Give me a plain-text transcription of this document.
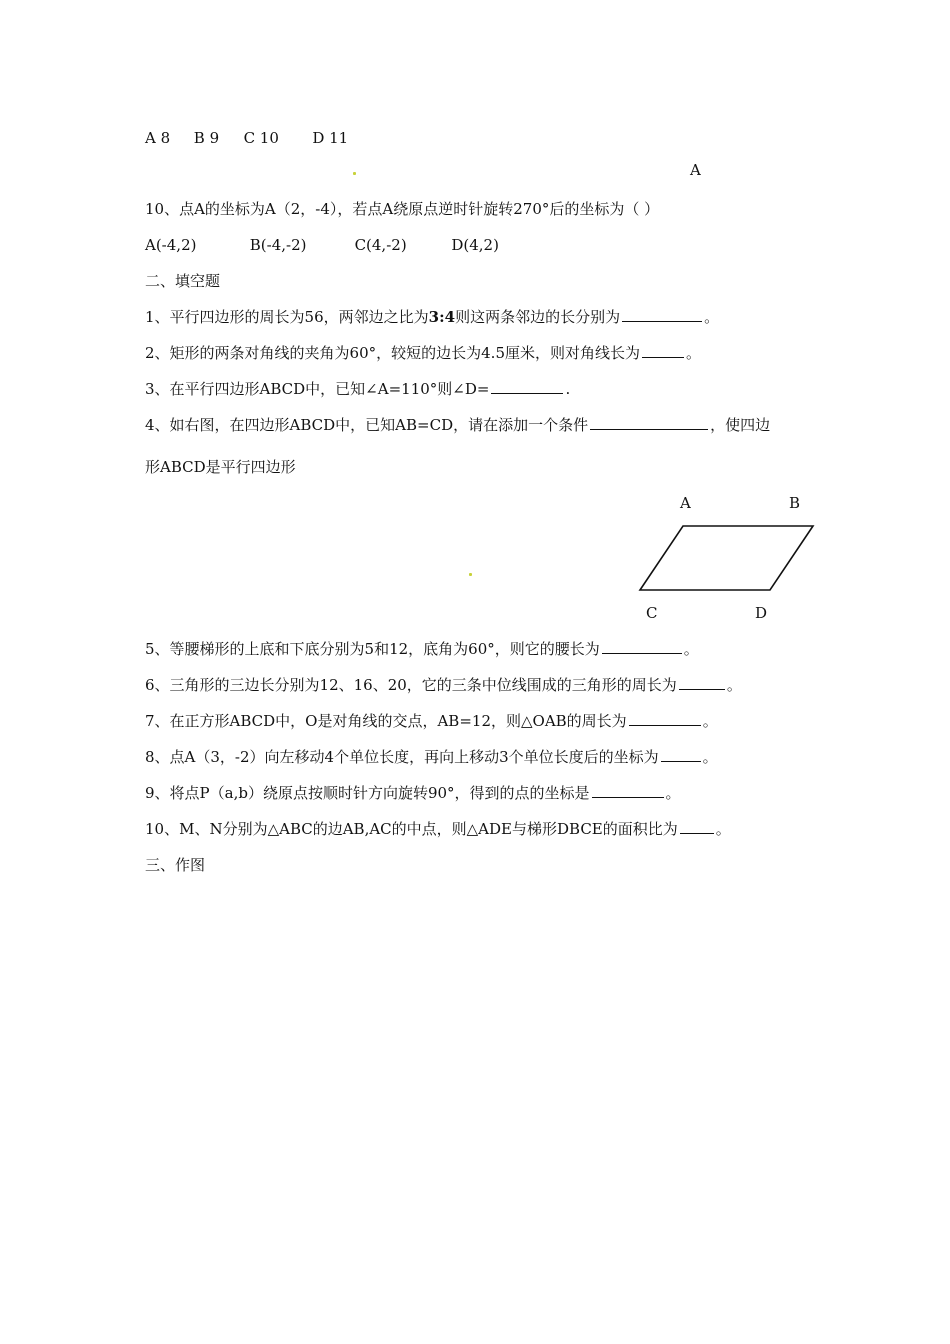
A 8 B 9 C 10 D 11
A
10、点A的坐标为A（2，-4），若点A绕原点逆时针旋转270°后的坐标为（ ）
A(-4,2)	B(-4,-2)	C(4,-2)	D(4,2)
二、填空题
1、平行四边形的周长为56，两邻边之比为3:4则这两条邻边的长分别为	。
2、矩形的两条对角线的夹角为60°，较短的边长为4.5厘米，则对角线长为	。
3、在平行四边形ABCD中，已知∠A=110°则∠D=	.
4、如右图，在四边形ABCD中，已知AB=CD，请在添加一个条件	，使四边
形ABCD是平行四边形
A	B
C	D
5、等腰梯形的上底和下底分别为5和12，底角为60°，则它的腰长为	。
6、三角形的三边长分别为12、16、20，它的三条中位线围成的三角形的周长为	。
7、在正方形ABCD中，O是对角线的交点，AB=12，则△OAB的周长为	。
8、点A（3，-2）向左移动4个单位长度，再向上移动3个单位长度后的坐标为	。
9、将点P（a,b）绕原点按顺时针方向旋转90°，得到的点的坐标是	。
10、M、N分别为△ABC的边AB,AC的中点，则△ADE与梯形DBCE的面积比为	。
三、作图
